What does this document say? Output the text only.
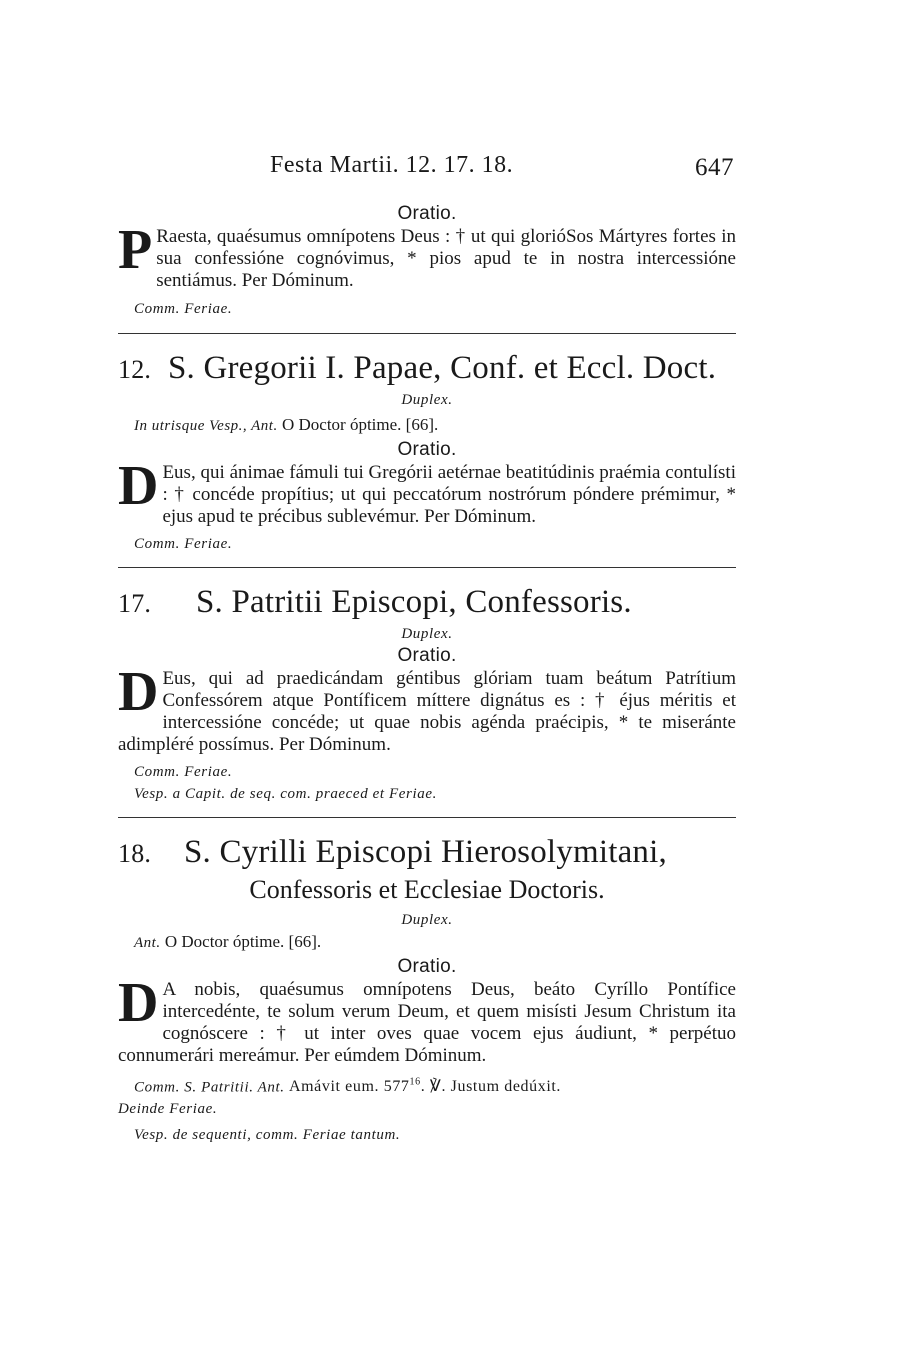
Festa Martii. 12. 17. 18.	647
Oratio.

P Raesta, quaésumus omnípotens Deus : † ut qui glorióSos Mártyres fortes in sua confessióne cognóvimus, * pios apud te in nostra intercessióne sentiámus. Per Dóminum.

Comm. Feriae.
12. S. Gregorii I. Papae, Conf. et Eccl. Doct.
Duplex.
In utrisque Vesp., Ant. O Doctor óptime. [66].
Oratio.

D Eus, qui ánimae fámuli tui Gregórii aetérnae beatitúdinis praémia contulísti : † concéde propítius; ut qui peccatórum nostrórum póndere prémimur, * ejus apud te précibus sublevémur. Per Dóminum.

Comm. Feriae.
17. S. Patritii Episcopi, Confessoris.
Duplex.
Oratio.

D Eus, qui ad praedicándam géntibus glóriam tuam beátum Patrítium Confessórem atque Pontíficem míttere dignátus es : † éjus méritis et intercessióne concéde; ut quae nobis agénda praécipis, * te miseránte adimpléré possímus. Per Dóminum.

Comm. Feriae.
Vesp. a Capit. de seq. com. praeced et Feriae.
18. S. Cyrilli Episcopi Hierosolymitani,
Confessoris et Ecclesiae Doctoris.
Duplex.
Ant. O Doctor óptime. [66].
Oratio.

D A nobis, quaésumus omnípotens Deus, beáto Cyríllo Pontífice intercedénte, te solum verum Deum, et quem misísti Jesum Christum ita cognóscere : † ut inter oves quae vocem ejus áudiunt, * perpétuo connumerári mereámur. Per eúmdem Dóminum.

Comm. S. Patritii. Ant. Amávit eum. $577^{16}$. ℣. Justum dedúxit.
Deinde Feriae.
Vesp. de sequenti, comm. Feriae tantum.
